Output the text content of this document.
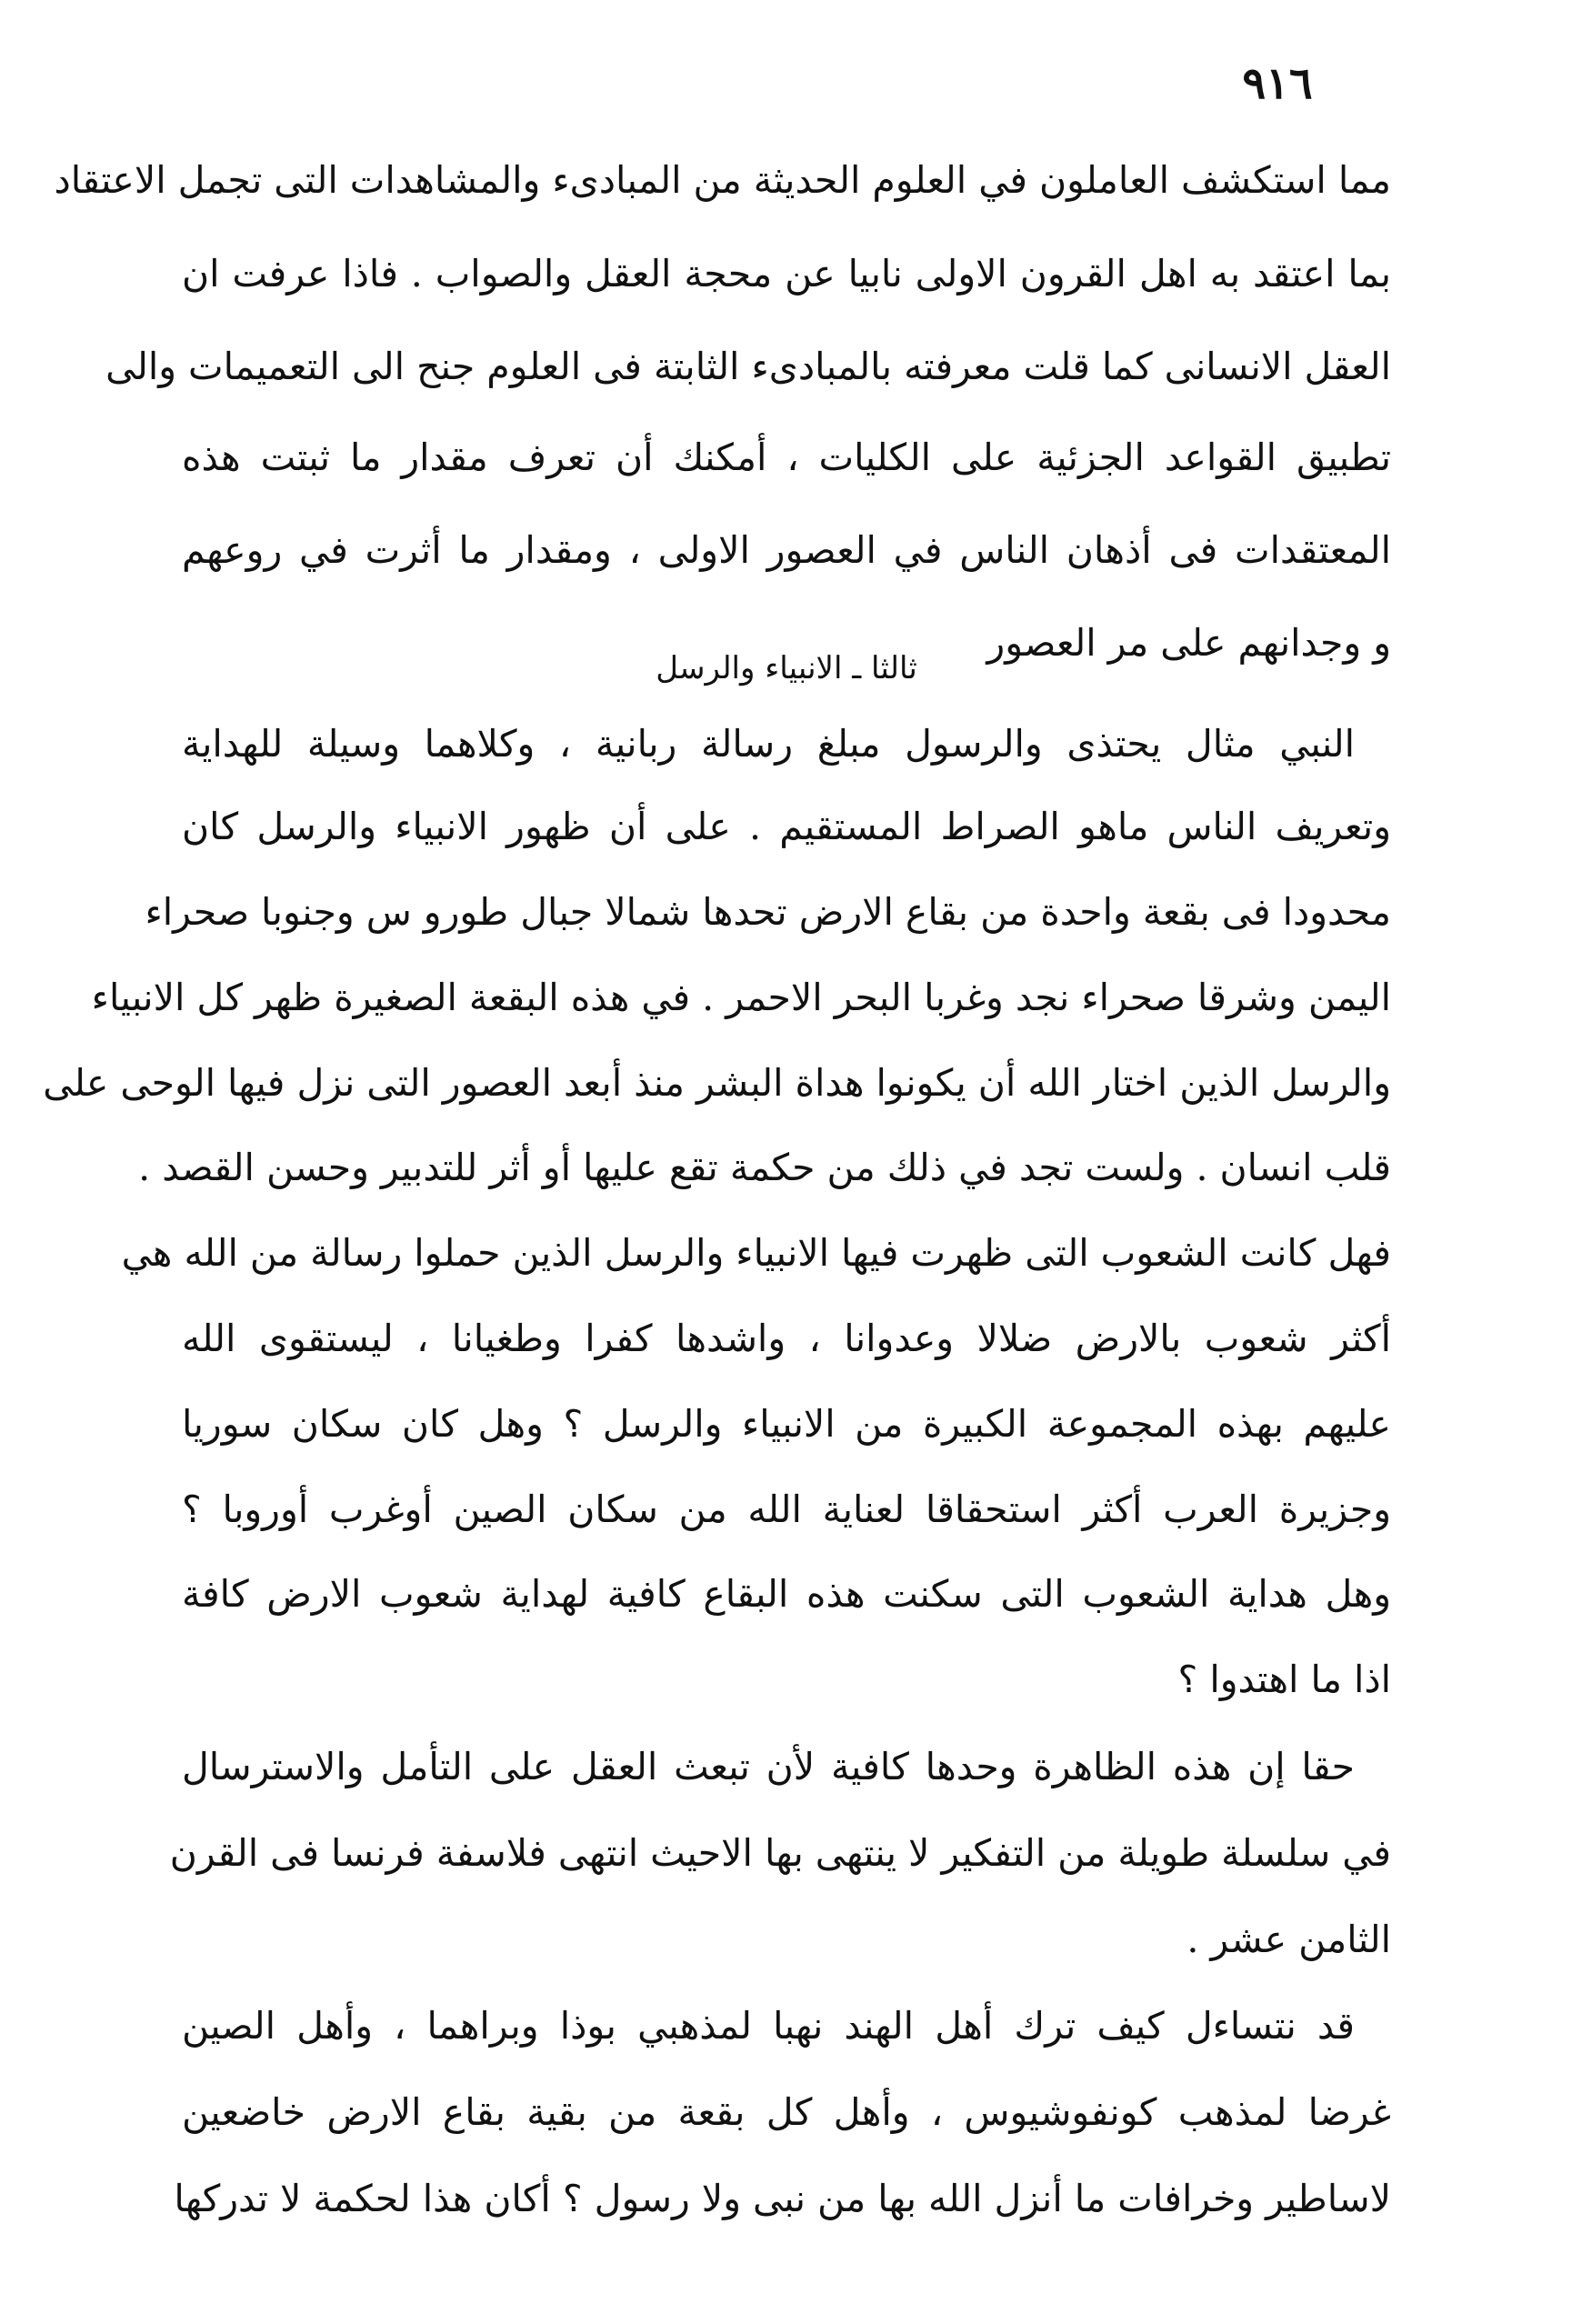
٩١٦
مما استكشف العاملون في العلوم الحديثة من المبادىء والمشاهدات التى تجمل الاعتقاد
بما اعتقد به اهل القرون الاولى نابيا عن محجة العقل والصواب . فاذا عرفت ان
العقل الانسانى كما قلت معرفته بالمبادىء الثابتة فى العلوم جنح الى التعميمات والى
تطبيق القواعد الجزئية على الكليات ، أمكنك أن تعرف مقدار ما ثبتت هذه
المعتقدات فى أذهان الناس في العصور الاولى ، ومقدار ما أثرت في روعهم
و وجدانهم على مر العصور
ثالثا ـ الانبياء والرسل
النبي مثال يحتذى والرسول مبلغ رسالة ربانية ، وكلاهما وسيلة للهداية
وتعريف الناس ماهو الصراط المستقيم . على أن ظهور الانبياء والرسل كان
محدودا فى بقعة واحدة من بقاع الارض تحدها شمالا جبال طورو س وجنوبا صحراء
اليمن وشرقا صحراء نجد وغربا البحر الاحمر . في هذه البقعة الصغيرة ظهر كل الانبياء
والرسل الذين اختار الله أن يكونوا هداة البشر منذ أبعد العصور التى نزل فيها الوحى على
قلب انسان . ولست تجد في ذلك من حكمة تقع عليها أو أثر للتدبير وحسن القصد .
فهل كانت الشعوب التى ظهرت فيها الانبياء والرسل الذين حملوا رسالة من الله هي
أكثر شعوب بالارض ضلالا وعدوانا ، واشدها كفرا وطغيانا ، ليستقوى الله
عليهم بهذه المجموعة الكبيرة من الانبياء والرسل ؟ وهل كان سكان سوريا
وجزيرة العرب أكثر استحقاقا لعناية الله من سكان الصين أوغرب أوروبا ؟
وهل هداية الشعوب التى سكنت هذه البقاع كافية لهداية شعوب الارض كافة
اذا ما اهتدوا ؟
حقا إن هذه الظاهرة وحدها كافية لأن تبعث العقل على التأمل والاسترسال
في سلسلة طويلة من التفكير لا ينتهى بها الاحيث انتهى فلاسفة فرنسا فى القرن
الثامن عشر .
قد نتساءل كيف ترك أهل الهند نهبا لمذهبي بوذا وبراهما ، وأهل الصين
غرضا لمذهب كونفوشيوس ، وأهل كل بقعة من بقية بقاع الارض خاضعين
لاساطير وخرافات ما أنزل الله بها من نبى ولا رسول ؟ أكان هذا لحكمة لا تدركها
